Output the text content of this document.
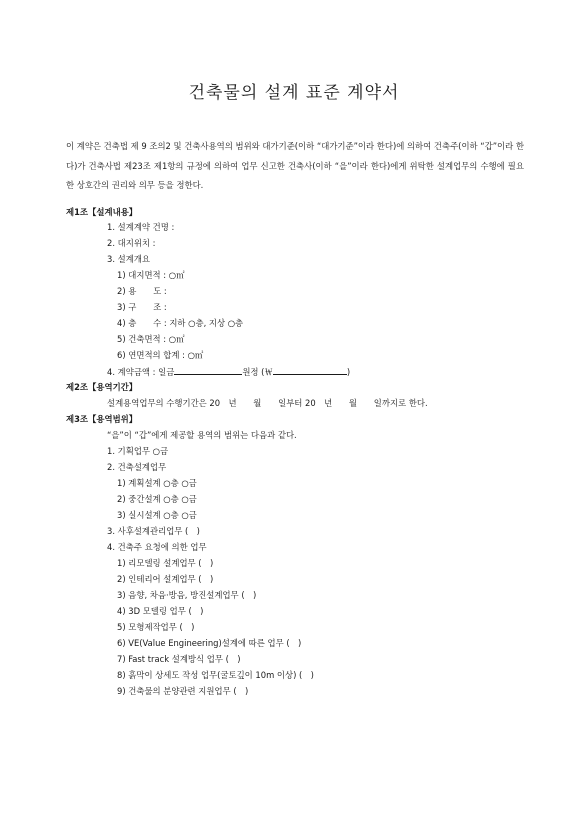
건축물의 설계 표준 계약서
이 계약은 건축법 제 9 조의2 및 건축사용역의 범위와 대가기준(이하 “대가기준”이라 한다)에 의하여 건축주(이하 “갑”이라 한다)가 건축사법 제23조 제1항의 규정에 의하여 업무 신고한 건축사(이하 “을”이라 한다)에게 위탁한 설계업무의 수행에 필요한 상호간의 권리와 의무 등을 정한다.
제1조【설계내용】
1. 설계계약 건명 :
2. 대지위치 :
3. 설계개요
1) 대지면적 : ○㎡
2) 용　　도 :
3) 구　　조 :
4) 층　　수 : 지하 ○층, 지상 ○층
5) 건축면적 : ○㎡
6) 연면적의 합계 : ○㎡
4. 계약금액 : 일금	원정 (￦	)
제2조【용역기간】
설계용역업무의 수행기간은 20　년　　월　　일부터 20　년　　월　　일까지로 한다.
제3조【용역범위】
“을”이 “갑”에게 제공할 용역의 범위는 다음과 같다.
1. 기획업무 ○금
2. 건축설계업무
1) 계획설계 ○층 ○금
2) 중간설계 ○층 ○금
3) 실시설계 ○층 ○금
3. 사후설계관리업무 (　)
4. 건축주 요청에 의한 업무
1) 리모델링 설계업무 (　)
2) 인테리어 설계업무 (　)
3) 음향, 차음·방음, 방진설계업무 (　)
4) 3D 모델링 업무 (　)
5) 모형제작업무 (　)
6) VE(Value Engineering)설계에 따른 업무 (　)
7) Fast track 설계방식 업무 (　)
8) 흙막이 상세도 작성 업무(굴토깊이 10m 이상) (　)
9) 건축물의 분양관련 지원업무 (　)
